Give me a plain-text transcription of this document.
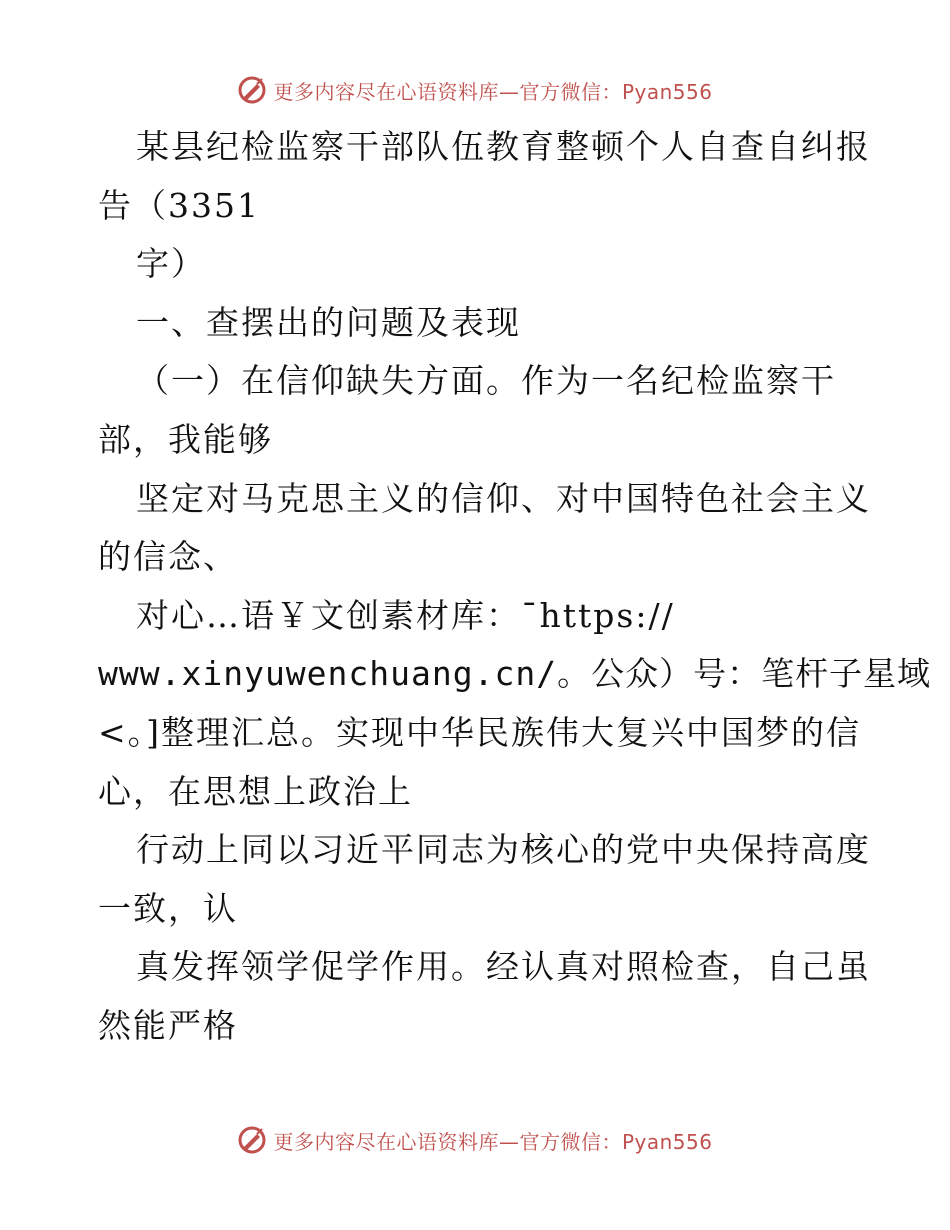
更多内容尽在心语资料库—官方微信：Pyan556
某县纪检监察干部队伍教育整顿个人自查自纠报
告（3351
字）
一、查摆出的问题及表现
（一）在信仰缺失方面。作为一名纪检监察干
部，我能够
坚定对马克思主义的信仰、对中国特色社会主义
的信念、
对心…语￥文创素材库：¯https://
www.xinyuwenchuang.cn/。公众）号：笔杆子星域
<。]整理汇总。实现中华民族伟大复兴中国梦的信
心，在思想上政治上
行动上同以习近平同志为核心的党中央保持高度
一致，认
真发挥领学促学作用。经认真对照检查，自己虽
然能严格
更多内容尽在心语资料库—官方微信：Pyan556
